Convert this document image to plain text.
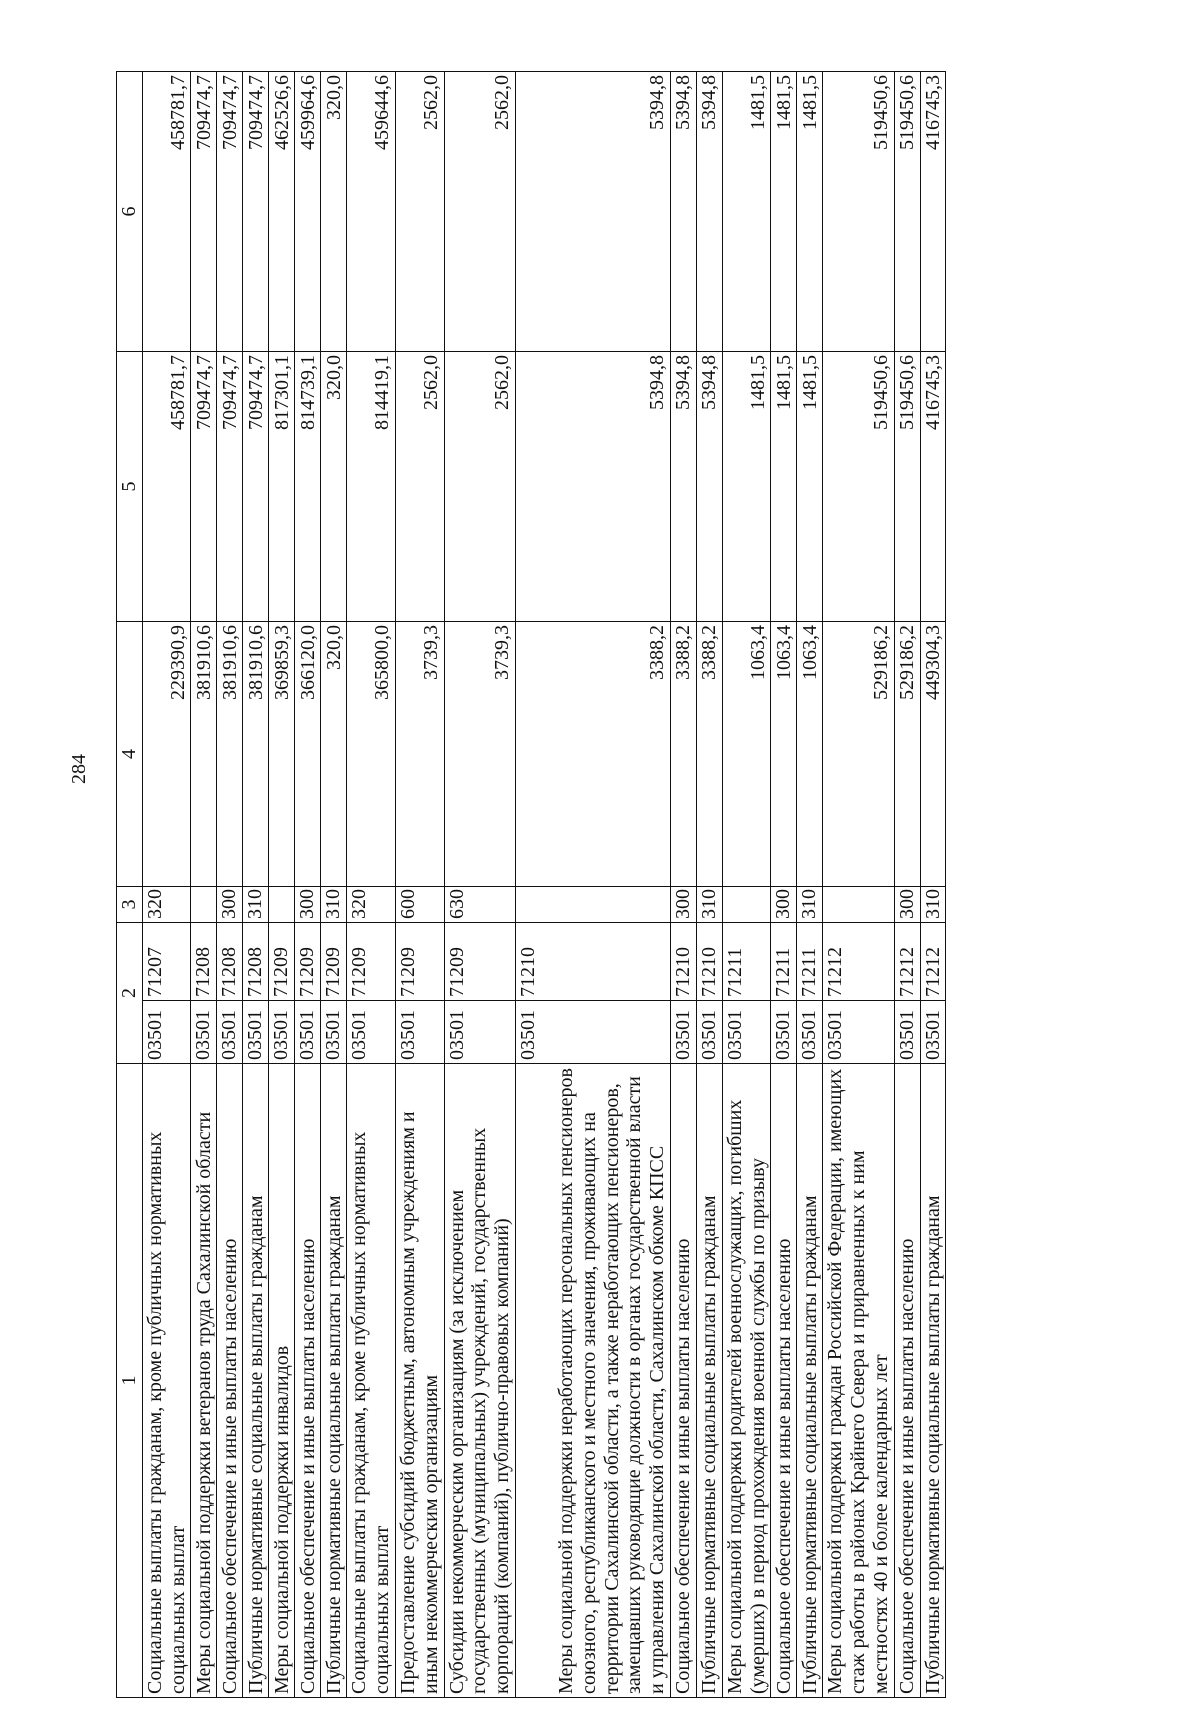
284
1	2		3	4	5	6
Социальные выплаты гражданам, кроме публичных нормативных социальных выплат	03501	71207	320	229390,9	458781,7	458781,7
Меры социальной поддержки ветеранов труда Сахалинской области	03501	71208		381910,6	709474,7	709474,7
Социальное обеспечение и иные выплаты населению	03501	71208	300	381910,6	709474,7	709474,7
Публичные нормативные социальные выплаты гражданам	03501	71208	310	381910,6	709474,7	709474,7
Меры социальной поддержки инвалидов	03501	71209		369859,3	817301,1	462526,6
Социальное обеспечение и иные выплаты населению	03501	71209	300	366120,0	814739,1	459964,6
Публичные нормативные социальные выплаты гражданам	03501	71209	310	320,0	320,0	320,0
Социальные выплаты гражданам, кроме публичных нормативных социальных выплат	03501	71209	320	365800,0	814419,1	459644,6
Предоставление субсидий бюджетным, автономным учреждениям и иным некоммерческим организациям	03501	71209	600	3739,3	2562,0	2562,0
Субсидии некоммерческим организациям (за исключением государственных (муниципальных) учреждений, государственных корпораций (компаний), публично-правовых компаний)	03501	71209	630	3739,3	2562,0	2562,0
Меры социальной поддержки неработающих персональных пенсионеров союзного, республиканского и местного значения, проживающих на территории Сахалинской области, а также неработающих пенсионеров, замещавших руководящие должности в органах государственной власти и управления Сахалинской области, Сахалинском обкоме КПСС	03501	71210		3388,2	5394,8	5394,8
Социальное обеспечение и иные выплаты населению	03501	71210	300	3388,2	5394,8	5394,8
Публичные нормативные социальные выплаты гражданам	03501	71210	310	3388,2	5394,8	5394,8
Меры социальной поддержки родителей военнослужащих, погибших (умерших) в период прохождения военной службы по призыву	03501	71211		1063,4	1481,5	1481,5
Социальное обеспечение и иные выплаты населению	03501	71211	300	1063,4	1481,5	1481,5
Публичные нормативные социальные выплаты гражданам	03501	71211	310	1063,4	1481,5	1481,5
Меры социальной поддержки граждан Российской Федерации, имеющих стаж работы в районах Крайнего Севера и приравненных к ним местностях 40 и более календарных лет	03501	71212		529186,2	519450,6	519450,6
Социальное обеспечение и иные выплаты населению	03501	71212	300	529186,2	519450,6	519450,6
Публичные нормативные социальные выплаты гражданам	03501	71212	310	449304,3	416745,3	416745,3
